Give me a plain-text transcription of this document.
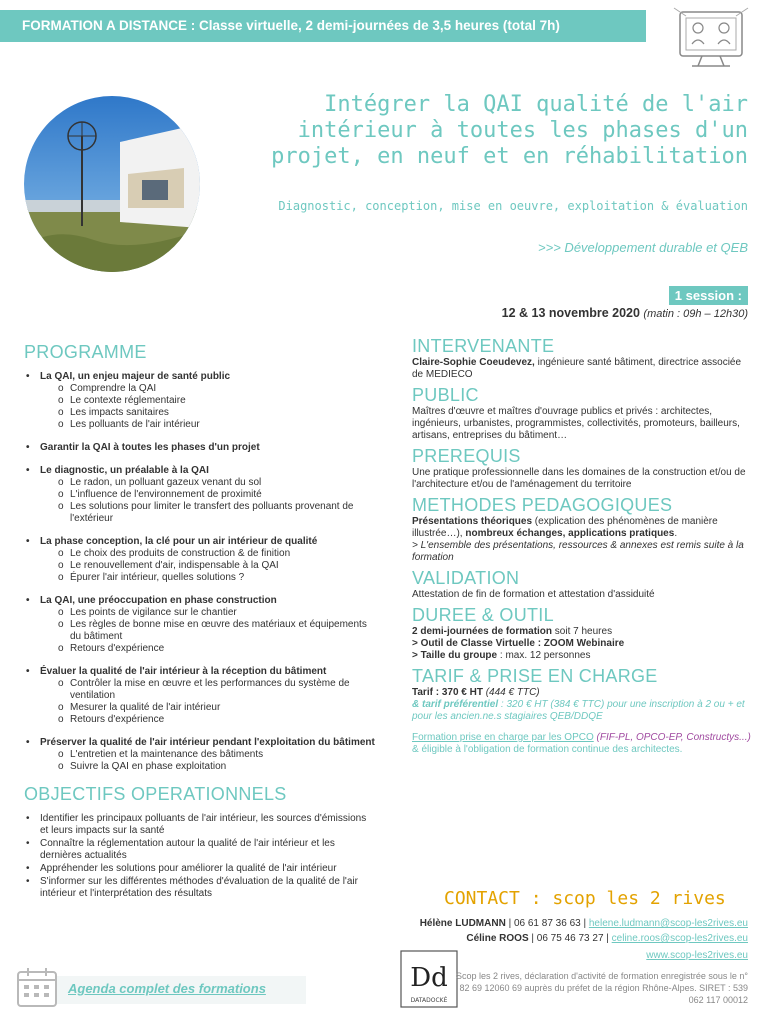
FORMATION A DISTANCE : Classe virtuelle, 2 demi-journées de 3,5 heures (total 7h)
Intégrer la QAI qualité de l'air intérieur à toutes les phases d'un projet, en neuf et en réhabilitation
Diagnostic, conception, mise en oeuvre, exploitation & évaluation
>>> Développement durable et QEB
1 session :
12 & 13 novembre 2020 (matin : 09h – 12h30)
PROGRAMME
•	La QAI, un enjeu majeur de santé public
o Comprendre la QAI
o Le contexte réglementaire
o Les impacts sanitaires
o Les polluants de l'air intérieur
•	Garantir la QAI à toutes les phases d'un projet
•	Le diagnostic, un préalable à la QAI
o Le radon, un polluant gazeux venant du sol
o L'influence de l'environnement de proximité
o Les solutions pour limiter le transfert des polluants provenant de l'extérieur
•	La phase conception, la clé pour un air intérieur de qualité
o Le choix des produits de construction & de finition
o Le renouvellement d'air, indispensable à la QAI
o Épurer l'air intérieur, quelles solutions ?
•	La QAI, une préoccupation en phase construction
o Les points de vigilance sur le chantier
o Les règles de bonne mise en œuvre des matériaux et équipements du bâtiment
o Retours d'expérience
•	Évaluer la qualité de l'air intérieur à la réception du bâtiment
o Contrôler la mise en œuvre et les performances du système de ventilation
o Mesurer la qualité de l'air intérieur
o Retours d'expérience
•	Préserver la qualité de l'air intérieur pendant l'exploitation du bâtiment
o L'entretien et la maintenance des bâtiments
o Suivre la QAI en phase exploitation
OBJECTIFS OPERATIONNELS
•	Identifier les principaux polluants de l'air intérieur, les sources d'émissions et leurs impacts sur la santé
•	Connaître la réglementation autour la qualité de l'air intérieur et les dernières actualités
•	Appréhender les solutions pour améliorer la qualité de l'air intérieur
•	S'informer sur les différentes méthodes d'évaluation de la qualité de l'air intérieur et l'interprétation des résultats
Agenda complet des formations
INTERVENANTE
Claire-Sophie Coeudevez, ingénieure santé bâtiment, directrice associée de MEDIECO
PUBLIC
Maîtres d'œuvre et maîtres d'ouvrage publics et privés : architectes, ingénieurs, urbanistes, programmistes, collectivités, promoteurs, bailleurs, artisans, entreprises du bâtiment…
PREREQUIS
Une pratique professionnelle dans les domaines de la construction et/ou de l'architecture et/ou de l'aménagement du territoire
METHODES PEDAGOGIQUES
Présentations théoriques (explication des phénomènes de manière illustrée…), nombreux échanges, applications pratiques.
> L'ensemble des présentations, ressources & annexes est remis suite à la formation
VALIDATION
Attestation de fin de formation et attestation d'assiduité
DUREE & OUTIL
2 demi-journées de formation soit 7 heures
> Outil de Classe Virtuelle : ZOOM Webinaire
> Taille du groupe : max. 12 personnes
TARIF & PRISE EN CHARGE
Tarif : 370 € HT (444 € TTC)
& tarif préférentiel : 320 € HT (384 € TTC) pour une inscription à 2 ou + et pour les ancien.ne.s stagiaires QEB/DDQE
Formation prise en charge par les OPCO (FIF-PL, OPCO-EP, Constructys...) & éligible à l'obligation de formation continue des architectes.
CONTACT : scop les 2 rives
Hélène LUDMANN | 06 61 87 36 63 | helene.ludmann@scop-les2rives.eu
Céline ROOS | 06 75 46 73 27 | celine.roos@scop-les2rives.eu
www.scop-les2rives.eu
Dd
DATADOCKÉ
Scop les 2 rives, déclaration d'activité de formation enregistrée sous le n° 82 69 12060 69 auprès du préfet de la région Rhône-Alpes. SIRET : 539 062 117 00012
